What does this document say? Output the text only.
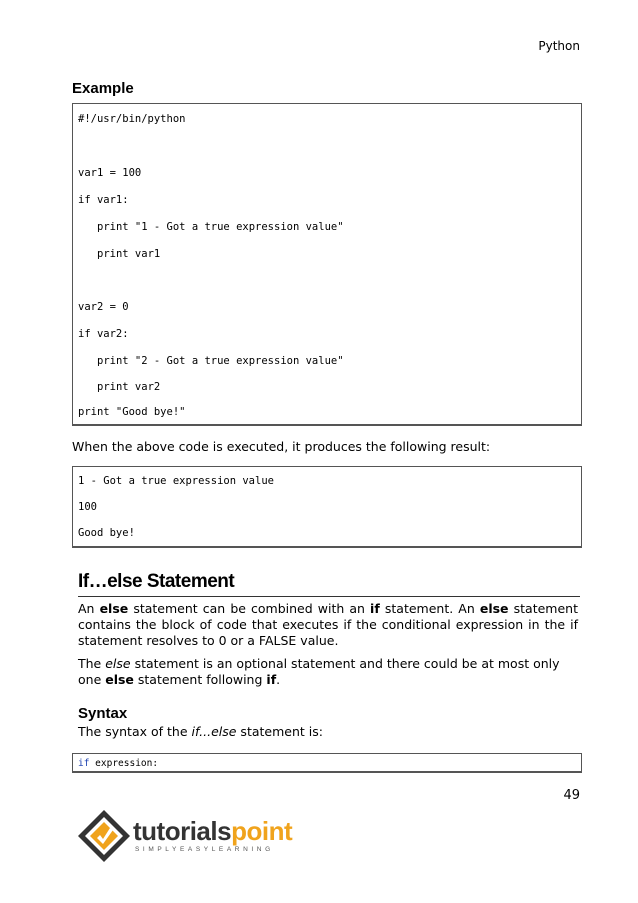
Python
Example
#!/usr/bin/python
var1 = 100
if var1:
print "1 - Got a true expression value"
print var1
var2 = 0
if var2:
print "2 - Got a true expression value"
print var2
print "Good bye!"
When the above code is executed, it produces the following result:
1 - Got a true expression value
100
Good bye!
If…else Statement
An else statement can be combined with an if statement. An else statement contains the block of code that executes if the conditional expression in the if statement resolves to 0 or a FALSE value.
The else statement is an optional statement and there could be at most only one else statement following if.
Syntax
The syntax of the if...else statement is:
if expression:
49
tutorialspoint
SIMPLYEASYLEARNING
